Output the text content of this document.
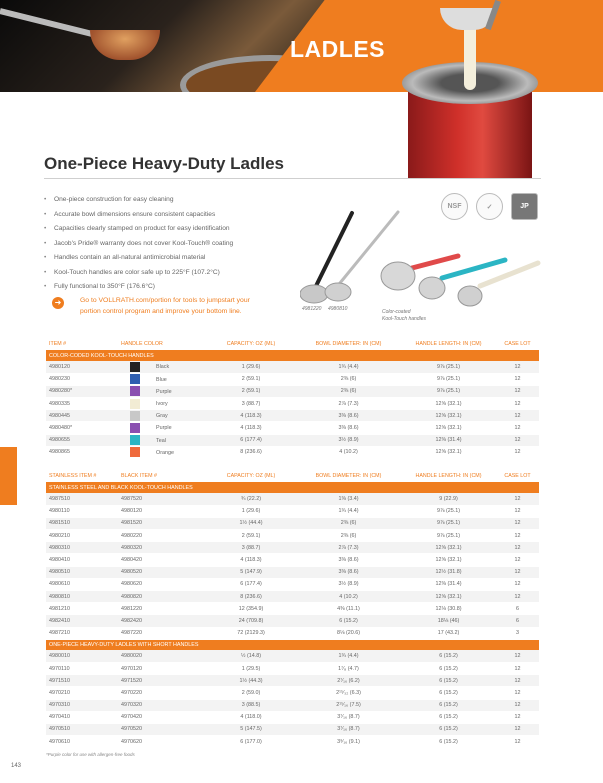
LADLES
One-Piece Heavy-Duty Ladles
• One-piece construction for easy cleaning
• Accurate bowl dimensions ensure consistent capacities
• Capacities clearly stamped on product for easy identification
• Jacob's Pride® warranty does not cover Kool-Touch® coating
• Handles contain an all-natural antimicrobial material
• Kool-Touch handles are color safe up to 225°F (107.2°C)
• Fully functional to 350°F (176.6°C)
➜	Go to VOLLRATH.com/portion for tools to jumpstart your
portion control program and improve your bottom line.
NSF	✓	JP
4981220 4980810	Color-coated
Kool-Touch handles
ITEM #	HANDLE COLOR	CAPACITY: OZ (ML)	BOWL DIAMETER: IN (CM)	HANDLE LENGTH: IN (CM)	CASE LOT
COLOR-CODED KOOL-TOUCH HANDLES					
4980120	Black	1 (29.6)	1¾ (4.4)	9⅞ (25.1)	12
4980230	Blue	2 (59.1)	2⅜ (6)	9⅞ (25.1)	12
4980280*	Purple	2 (59.1)	2⅜ (6)	9⅞ (25.1)	12
4980335	Ivory	3 (88.7)	2⅞ (7.3)	12⅝ (32.1)	12
4980445	Gray	4 (118.3)	3⅜ (8.6)	12⅝ (32.1)	12
4980480*	Purple	4 (118.3)	3⅜ (8.6)	12⅝ (32.1)	12
4980655	Teal	6 (177.4)	3½ (8.9)	12⅜ (31.4)	12
4980865	Orange	8 (236.6)	4 (10.2)	12⅝ (32.1)	12
STAINLESS ITEM #	BLACK ITEM #	CAPACITY: OZ (ML)	BOWL DIAMETER: IN (CM)	HANDLE LENGTH: IN (CM)	CASE LOT
STAINLESS STEEL AND BLACK KOOL-TOUCH HANDLES					
4987510	4987520	¾ (22.2)	1⅜ (3.4)	9 (22.9)	12
4980110	4980120	1 (29.6)	1¾ (4.4)	9⅞ (25.1)	12
4981510	4981520	1½ (44.4)	2⅜ (6)	9⅞ (25.1)	12
4980210	4980220	2 (59.1)	2⅜ (6)	9⅞ (25.1)	12
4980310	4980320	3 (88.7)	2⅞ (7.3)	12⅝ (32.1)	12
4980410	4980420	4 (118.3)	3⅜ (8.6)	12⅝ (32.1)	12
4980510	4980520	5 (147.9)	3⅜ (8.6)	12½ (31.8)	12
4980610	4980620	6 (177.4)	3½ (8.9)	12⅜ (31.4)	12
4980810	4980820	8 (236.6)	4 (10.2)	12⅝ (32.1)	12
4981210	4981220	12 (354.9)	4⅜ (11.1)	12⅛ (30.8)	6
4982410	4982420	24 (709.8)	6 (15.2)	18⅛ (46)	6
4987210	4987220	72 (2129.3)	8⅛ (20.6)	17 (43.2)	3
ONE-PIECE HEAVY-DUTY LADLES WITH SHORT HANDLES					
4980010	4980020	½ (14.8)	1¾ (4.4)	6 (15.2)	12
4970110	4970120	1 (29.5)	1⁷⁄₈ (4.7)	6 (15.2)	12
4971510	4971520	1½ (44.3)	2⁷⁄₁₆ (6.2)	6 (15.2)	12
4970210	4970220	2 (59.0)	2¹⁵⁄₃₂ (6.3)	6 (15.2)	12
4970310	4970320	3 (88.5)	2¹⁵⁄₁₆ (7.5)	6 (15.2)	12
4970410	4970420	4 (118.0)	3⁷⁄₁₆ (8.7)	6 (15.2)	12
4970510	4970520	5 (147.5)	3⁷⁄₁₆ (8.7)	6 (15.2)	12
4970610	4970620	6 (177.0)	3⁹⁄₁₆ (9.1)	6 (15.2)	12
*Purple color for use with allergen-free foods
143
